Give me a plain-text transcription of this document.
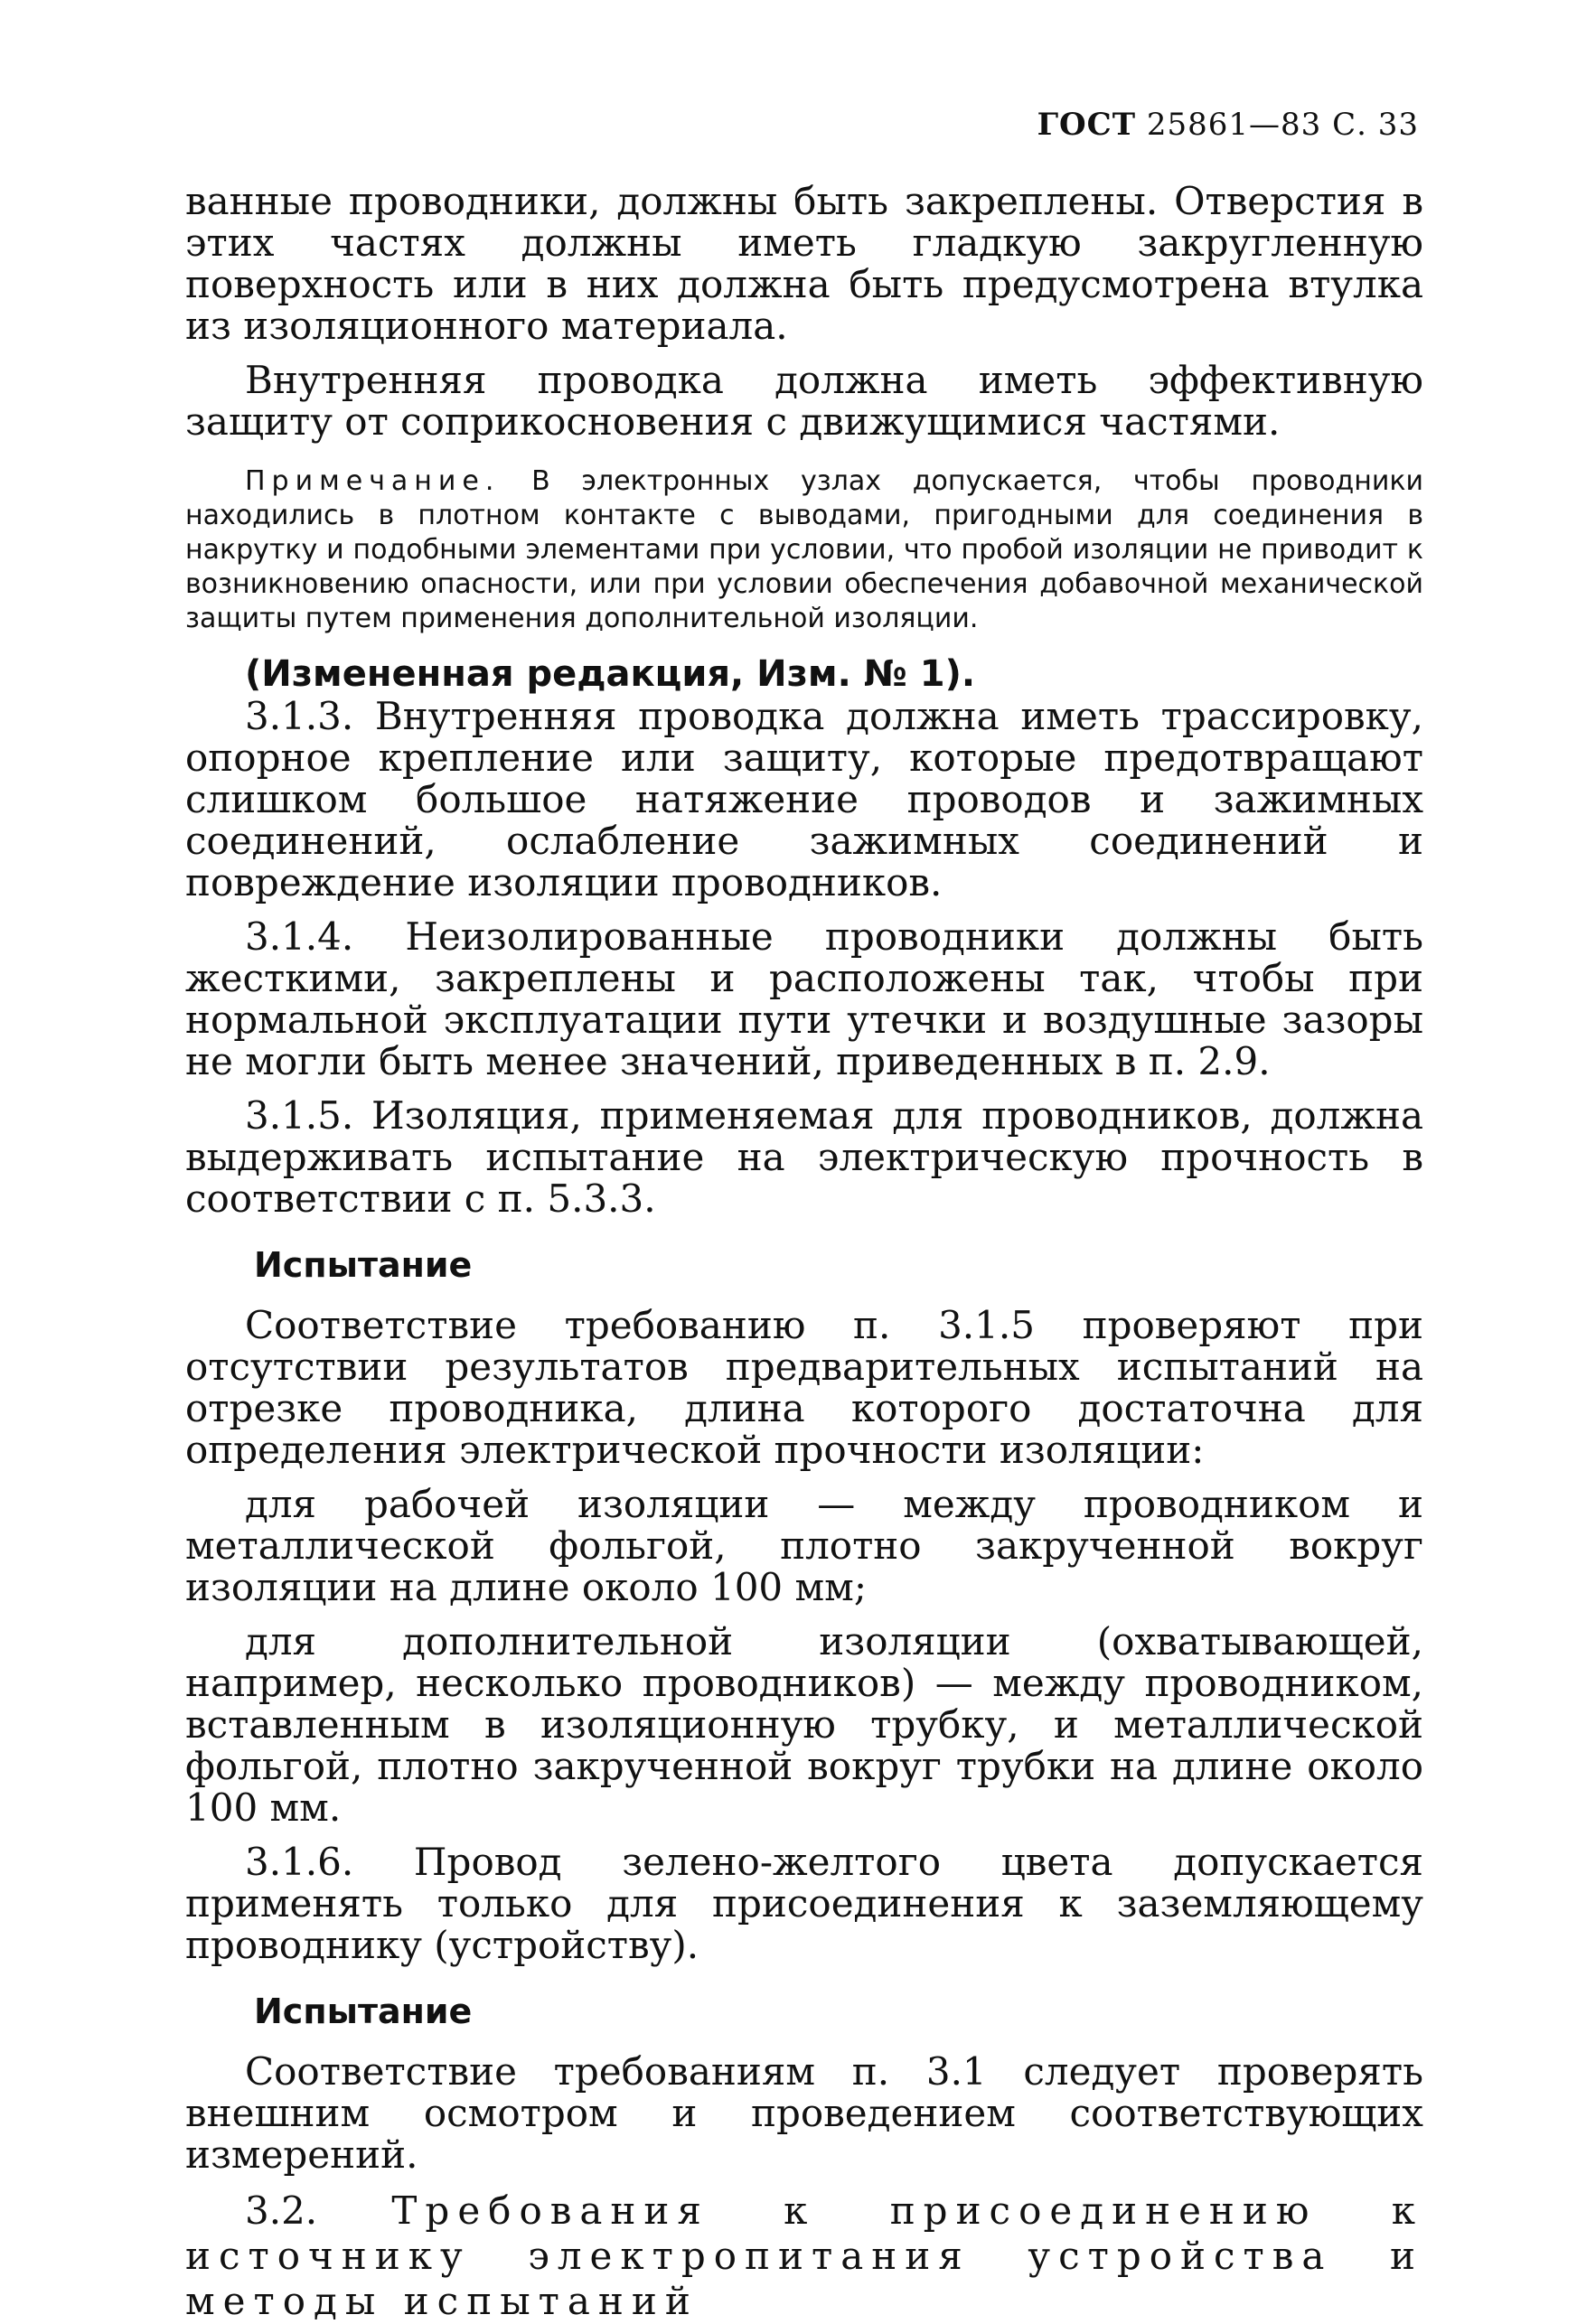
ГОСТ 25861—83 С. 33

ванные проводники, должны быть закреплены. Отверстия в этих частях должны иметь гладкую закругленную поверхность или в них должна быть предусмотрена втулка из изоляционного материала.

Внутренняя проводка должна иметь эффективную защиту от соприкосновения с движущимися частями.

Примечание. В электронных узлах допускается, чтобы проводники находились в плотном контакте с выводами, пригодными для соединения в накрутку и подобными элементами при условии, что пробой изоляции не приводит к возникновению опасности, или при условии обеспечения добавочной механической защиты путем применения дополнительной изоляции.
(Измененная редакция, Изм. № 1).

3.1.3. Внутренняя проводка должна иметь трассировку, опорное крепление или защиту, которые предотвращают слишком большое натяжение проводов и зажимных соединений, ослабление зажимных соединений и повреждение изоляции проводников.

3.1.4. Неизолированные проводники должны быть жесткими, закреплены и расположены так, чтобы при нормальной эксплуатации пути утечки и воздушные зазоры не могли быть менее значений, приведенных в п. 2.9.

3.1.5. Изоляция, применяемая для проводников, должна выдерживать испытание на электрическую прочность в соответствии с п. 5.3.3.

Испытание

Соответствие требованию п. 3.1.5 проверяют при отсутствии результатов предварительных испытаний на отрезке проводника, длина которого достаточна для определения электрической прочности изоляции:

для рабочей изоляции — между проводником и металлической фольгой, плотно закрученной вокруг изоляции на длине около 100 мм;

для дополнительной изоляции (охватывающей, например, несколько проводников) — между проводником, вставленным в изоляционную трубку, и металлической фольгой, плотно закрученной вокруг трубки на длине около 100 мм.

3.1.6. Провод зелено-желтого цвета допускается применять только для присоединения к заземляющему проводнику (устройству).

Испытание

Соответствие требованиям п. 3.1 следует проверять внешним осмотром и проведением соответствующих измерений.

3.2. Требования к присоединению к источнику электропитания устройства и методы испытаний
